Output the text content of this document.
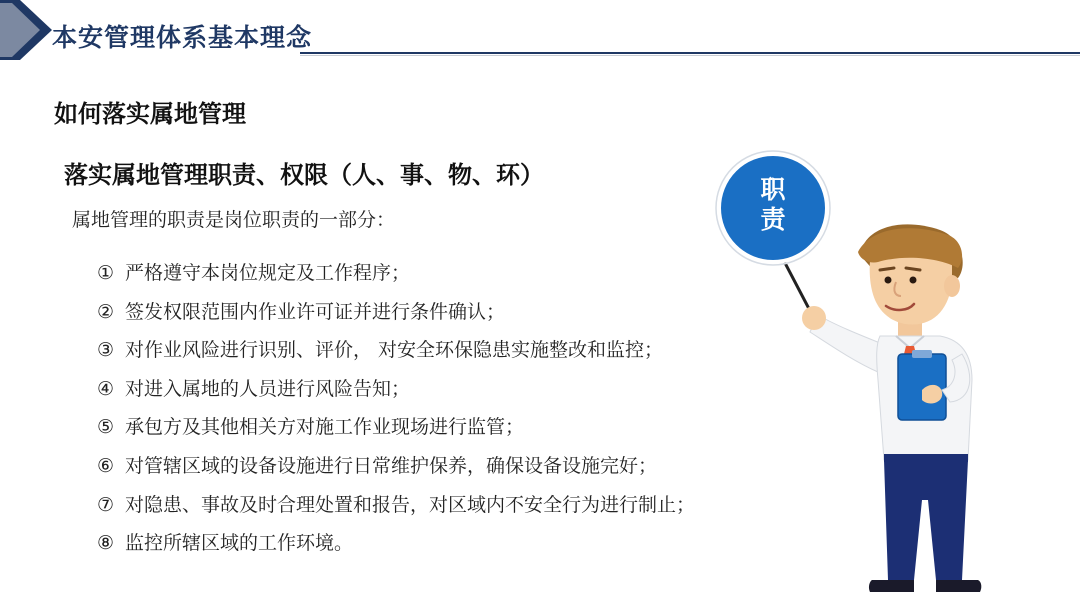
本安管理体系基本理念
如何落实属地管理
落实属地管理职责、权限（人、事、物、环）
属地管理的职责是岗位职责的一部分：
① 严格遵守本岗位规定及工作程序；
② 签发权限范围内作业许可证并进行条件确认；
③ 对作业风险进行识别、评价， 对安全环保隐患实施整改和监控；
④ 对进入属地的人员进行风险告知；
⑤ 承包方及其他相关方对施工作业现场进行监管；
⑥ 对管辖区域的设备设施进行日常维护保养，确保设备设施完好；
⑦ 对隐患、事故及时合理处置和报告，对区域内不安全行为进行制止；
⑧ 监控所辖区域的工作环境。
职
责
